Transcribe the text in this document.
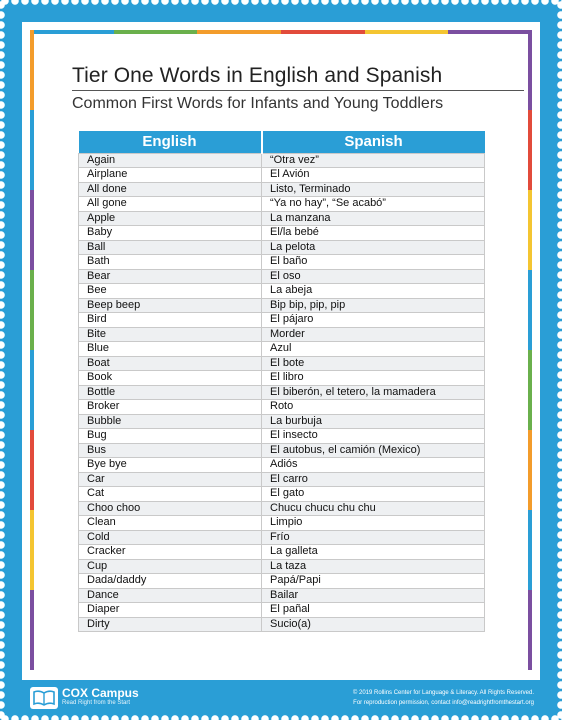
Tier One Words in English and Spanish
Common First Words for Infants and Young Toddlers
English	Spanish
Again	“Otra vez”
Airplane	El Avión
All done	Listo, Terminado
All gone	“Ya no hay”, “Se acabó”
Apple	La manzana
Baby	El/la bebé
Ball	La pelota
Bath	El baño
Bear	El oso
Bee	La abeja
Beep beep	Bip bip, pip, pip
Bird	El pájaro
Bite	Morder
Blue	Azul
Boat	El bote
Book	El libro
Bottle	El biberón, el tetero, la mamadera
Broker	Roto
Bubble	La burbuja
Bug	El insecto
Bus	El autobus, el camión (Mexico)
Bye bye	Adiós
Car	El carro
Cat	El gato
Choo choo	Chucu chucu chu chu
Clean	Limpio
Cold	Frío
Cracker	La galleta
Cup	La taza
Dada/daddy	Papá/Papi
Dance	Bailar
Diaper	El pañal
Dirty	Sucio(a)
COX Campus
Read Right from the Start
© 2019 Rollins Center for Language & Literacy. All Rights Reserved.
For reproduction permission, contact info@readrightfromthestart.org
